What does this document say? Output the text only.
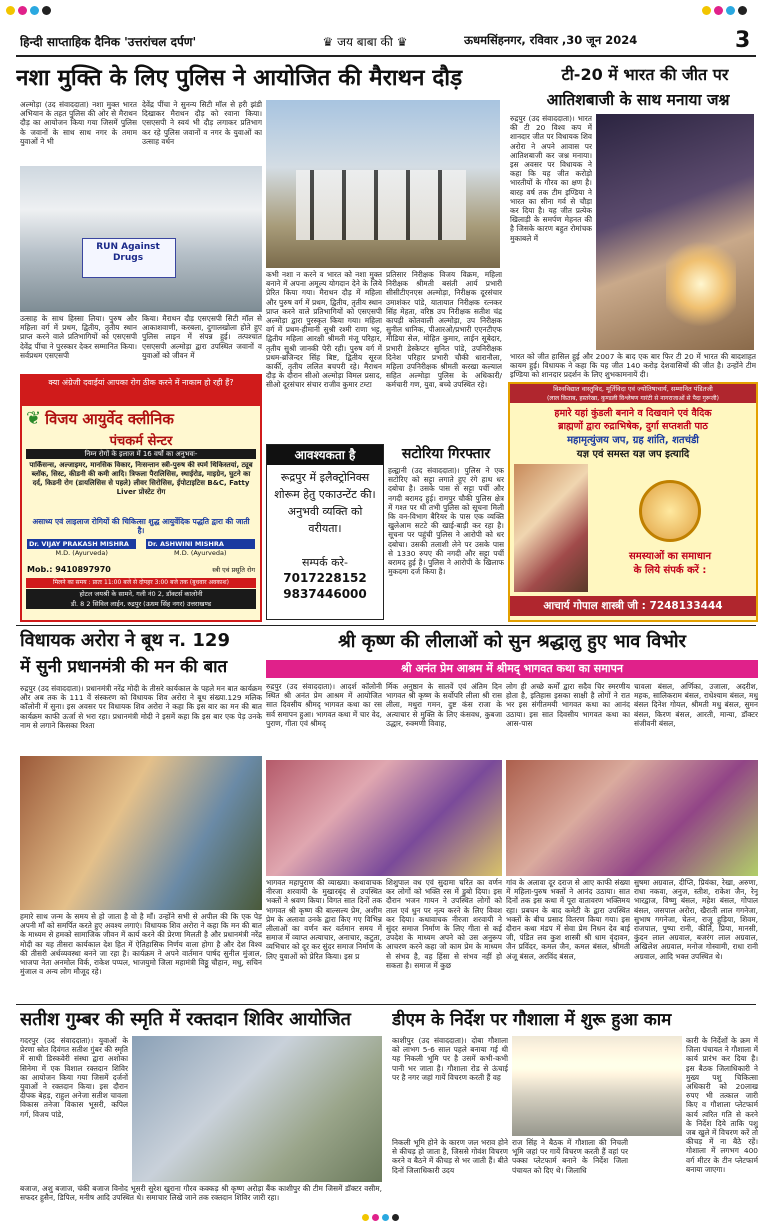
हिन्दी साप्ताहिक दैनिक 'उत्तरांचल दर्पण'	♛ जय बाबा की ♛	ऊधमसिंहनगर, रविवार ,30 जून 2024	3
नशा मुक्ति के लिए पुलिस ने आयोजित की मैराथन दौड़
अल्मोड़ा (उद संवाददाता) नशा मुक्त भारत अभियान के तहत पुलिस की ओर से मैराथन दौड़ का आयोजन किया गया जिसमें पुलिस के जवानों के साथ साथ नगर के तमाम युवाओं ने भी
देवेंद्र पींचा ने सुनन्य सिटी मॉल से हरी झंडी दिखाकर मैराथन दौड़ को रवाना किया। एसएसपी ने स्वयं भी दौड़ लगाकर प्रतिभाग कर रहे पुलिस जवानों व नगर के युवाओं का उत्साह वर्धन
RUN Against Drugs
उत्साह के साथ हिस्सा लिया। पुरुष और महिला वर्ग में प्रथम, द्वितीय, तृतीय स्थान प्राप्त करने वाले प्रतिभागियों को एसएसपी देवेंद्र पींचा ने पुरस्कार देकर सम्मानित किया। सर्वप्रथम एसएसपी
किया। मैराथन दौड़ एसएसपी सिटी मॉल से आकाशवाणी, करबला, दुगालखोला होते हुए पुलिस लाइन में संपन्न हुई। तत्पश्चात एसएसपी अल्मोड़ा द्वारा उपस्थित जवानों व युवाओं को जीवन में
कभी नशा न करने व भारत को नशा मुक्त बनाने में अपना अमूल्य योगदान देने के लिये प्रेरित किया गया। मैराथन दौड़ में महिला और पुरुष वर्ग में प्रथम, द्वितीय, तृतीय स्थान प्राप्त करने वाले प्रतिभागियों को एसएसपी अल्मोड़ा द्वारा पुरस्कृत किया गया। महिला वर्ग में प्रथम-हीमानी सुश्री रश्मी राणा भट्ट, द्वितीय महिला आरक्षी श्रीमती मंजू परिहार, तृतीय सुश्री जानकी पेरी रही। पुरुष वर्ग में प्रथम-ब्रजिन्दर सिंह बिष्ट, द्वितीय सूरज कार्की, तृतीय ललित बचपरी रहे। मैराथन दौड़ के दौरान सीओ अल्मोड़ा विमल प्रसाद, सीओ दूरसंचार संचार राजीव कुमार टम्टा
प्रतिसार निरीक्षक विजय विक्रम, महिला निरीक्षक श्रीमती बसंती आर्य प्रभारी सीसीटीएनएस अल्मोड़ा, निरीक्षक दूरसंचार उमाशंकर पांडे, यातायात निरीक्षक रत्नकर सिंह मेहता, वरिष्ठ उप निरीक्षक सतीश चंद्र कापड़ी कोतवाली अल्मोड़ा, उप निरीक्षक सुनील धानिक, पीआरओ/प्रभारी एएनटीएफ मीडिया सेल, मोहित कुमार, लाईन सूबेदार, प्रभारी डेस्केप्टर सुनित पांडे, उपनिरीक्षक दिनेश परिहार प्रभारी चौकी धारानौला, महिला उपनिरीक्षक श्रीमती करखा कल्याल सहित अल्मोड़ा पुलिस के अधिकारी/कर्मचारी गण, युवा, बच्चे उपस्थित रहे।
टी-20 में भारत की जीत पर
आतिशबाजी के साथ मनाया जश्न
रुद्रपुर (उद संवाददाता)। भारत की टी 20 विश्व कप में शानदार जीत पर विधायक शिव अरोरा ने अपने आवास पर आतिशबाजी कर जश्न मनाया। इस अवसर पर विधायक ने कहा कि यह जीत करोड़ो भारतीयों के गौरव का क्षण है। बारह वर्ष तक टीम इण्डिया ने भारत का सीना गर्व से चौड़ा कर दिया है। यह जीत प्रत्येक खिलाड़ी के समर्पण मेहनत की है जिसके कारण बहुत रोमांचक मुकाबले में
भारत को जीत हासिल हुई और 2007 के बाद एक बार फिर टी 20 में भारत की बादशाहत कायम हुई। विधायक ने कहा कि यह जीत 140 करोड़ देशवासियों की जीत है। उन्होंने टीम इण्डिया को शानदार प्रदर्शन के लिए शुभकामनायें दी।
क्या अंग्रेजी दवाईयां आपका रोग ठीक करने में नाकाम हो रही हैं?
❦ विजय आयुर्वेद क्लीनिक
पंचकर्म सेन्टर
निम्न रोगों के इलाज में 16 वर्षो का अनुभवः-
पार्किंसन्स, अल्जाइमर, मानसिक विकार, निःसन्तान स्त्री-पुरुष की स्पर्म थिकिस्तयां, ट्यूब ब्लॉक, सिस्ट, कीडनी की कमी आदि। त्रिफला पैरालिसिस, स्थाईरोड, माइग्रेन, घुटने का दर्द, किडनी रोग (डायलिसिस से पहले) लीवर सिरोसिस, ईपोटाइटिस B&C, Fatty Liver प्रोस्टेट रोग
असाध्य एवं लाइलाज रोगियों की चिकित्सा शुद्ध आयुर्वेदिक पद्धति द्वारा की जाती है।
Dr. VIJAY PRAKASH MISHRA
M.D. (Ayurveda)
Dr. ASHWINI MISHRA
M.D. (Ayurveda)
Mob.: 9410897970	स्त्री एवं प्रसूति रोग
मिलने का समय : प्रातः 11:00 बजे से दोपहर 3:00 बजे तक (बुधवार अवकाश)
होटल जयश्री के सामने, गली नं0 2, डॉक्टर्स कालोनी
डी. 8 2 सिविल लाईन, रुद्रपुर (ऊधम सिंह नगर) उत्तराखण्ड
आवश्यकता है
रूद्रपुर में इलैक्ट्रोनिक्स शोरूम हेतु एकाउन्टेंट की। अनुभवी व्यक्ति को वरीयता।
सम्पर्क करे-
7017228152
9837446000
सटोरिया गिरफ्तार
हल्द्वानी (उद संवाददाता)। पुलिस ने एक सटोरिए को सट्टा लगाते हुए रंगे हाथ धर दबोचा है। उसके पास से सट्टा पर्ची और नगदी बरामद हुई। रामपुर चौकी पुलिस क्षेत्र में गश्त पर थी तभी पुलिस को सूचना मिली कि वन-विभाग बैरियर के पास एक व्यक्ति खुलेआम सटटे की खाई-बाड़ी कर रहा है। सूचना पर पहुंची पुलिस ने आरोपी को धर दबोचा। उसकी तलाशी लेने पर उसके पास से 1330 रुपए की नगदी और सट्टा पर्ची बरामद हुई है। पुलिस ने आरोपी के खिलाफ मुकदमा दर्ज किया है।
विश्वविद्यात वास्तुविद, मूर्तिविदा एवं ज्योतिषाचार्य, सम्मानित पंडितजी
(लाल किताब, हस्तरेखा, कुण्डली विश्लेषण गारंटी से नागराजाओं से पैदा गुरूजी)
हमारे यहां कुंडली बनाने व दिखवाने एवं वैदिक
ब्राह्मणों द्वारा रुद्राभिषेक, दुर्गा सप्तशती पाठ
महामृत्युंजय जप, ग्रह शांति, शतचंडी
यज्ञ एवं समस्त यज्ञ जप इत्यादि
समस्याओं का समाधान
के लिये संपर्क करें :
आचार्य गोपाल शास्त्री जी : 7248133444
विधायक अरोरा ने बूथ न. 129
में सुनी प्रधानमंत्री की मन की बात
रुद्रपुर (उद संवाददाता)। प्रधानमंत्री नरेंद्र मोदी के तीसरे कार्यकाल के पहले मन बात कार्यक्रम और अब तक के 111 वें संस्करण को विधायक शिव अरोरा ने बूथ संख्या.129 मलिक कॉलोनी में सुना। इस अवसर पर विधायक शिव अरोरा ने कहा कि इस बार का मन की बात कार्यक्रम काफी ऊर्जा से भरा रहा। प्रधानमंत्री मोदी ने इसमें कहा कि इस बार एक पेड़ उनके नाम से लगाने किसका रिश्ता
हमारे साथ जन्म के समय से हो जाता है वो है माँ। उन्होंने सभी से अपील की कि एक पेड़ अपनी माँ को समर्पित करते हुए अवश्य लगाएं। विधायक शिव अरोरा ने कहा कि मन की बात के माध्यम से हमको सामाजिक जीवन में कार्य करने की प्रेरणा मिलती है और प्रधानमंत्री नरेंद्र मोदी का यह तीसरा कार्यकाल देश हित में ऐतिहासिक निर्णय वाला होगा है और देश विश्व की तीसरी अर्थव्यवस्था बनने जा रहा है। कार्यक्रम ने अपने वार्तमान पार्षद सुनील मुंजाल, भाजपा नेता अनमोल विर्क, राकेश पप्पल, भाजयुमो जिला महामंत्री विठ्ठू चौहान, मधु, सचिन मुंजाल व अन्य लोग मौजूद रहे।
श्री कृष्ण की लीलाओं को सुन श्रद्धालु हुए भाव विभोर
श्री अनंत प्रेम आश्रम में श्रीमद् भागवत कथा का समापन
रुद्रपुर (उद संवाददाता)। आदर्श कॉलोनी स्थित श्री अनंत प्रेम आश्रम में आयोजित सात दिवसीय श्रीमद् भागवत कथा का रस सर्व समापन हुआ। भागवत कथा में चार वेद, पुराण, गीता एवं श्रीमद्
र्मिक अनुष्ठान के सातवें एवं अंतिम दिन भागवत श्री कृष्ण के सर्वोपरि लीला श्री रास लीला, मथुरा गमन, दुष्ट कंस राजा के अत्याचार से मुक्ति के लिए कंसवध, कुबजा उद्धार, रुक्मणी विवाह,
लोग ही अच्छे कर्मों द्वारा सदैव चिर स्मरणीय होता है, इतिहास इसका साक्षी है लोगों ने रात भर इस संगीतमयी भागवत कथा का आनंद उठाया। इस सात दिवसीय भागवत कथा का आस-पास
चावला बंसल, अर्णिका, उजाला, अदरीश, महक, सालिकराम बंसल, राधेश्याम बंसल, मधु बंसल दिनेश गोयल, श्रीमती मधु बंसल, सुमन बंसल, किरण बंसल, आरती, मान्या, डॉक्टर संजीवनी बंसल,
भागवत महापुराण की व्याख्या। कथावाचक नीरजा शरवायी के मुखारबृंद से उपस्थित भक्तों ने श्रवण किया। विगत सात दिनों तक भागवत श्री कृष्ण की बाल्सल्य प्रेम, अशीम प्रेम के अलावा उनके द्वारा किए गए विभिन्न लीलाओं का वर्णन कर वर्तमान समय में समाज में व्याप्त अत्याचार, अनाचार, कटुता, व्यभिचार को दूर कर सुंदर समाज निर्माण के लिए युवाओं को प्रेरित किया। इस प्र
शिशुपाल वध एवं सुदामा चरित का वर्णन कर लोगों को भक्ति रस में डुबो दिया। इस दौरान भजन गायन ने उपस्थित लोगों को ताल एवं धुन पर नृत्य करने के लिए विवश कर दिया। कथावाचक नीरजा शरवायी ने सुंदर समाज निर्माण के लिए गीता से कई उपदेश के माध्यम अपने को उस अनुरूप आचरण करने कहा जो काम प्रेम के माध्यम से संभव है, वह हिंसा से संभव नहीं हो सकता है। समाज में कुछ
गांव के अलावा दूर दराज से आए काफी संख्या में महिला-पुरुष भक्तों ने आनंद उठाया। सात दिनों तक इस कथा में पूरा वातावरण भक्तिमय रहा। प्रबचन के बाद कमेटी के द्वारा उपस्थित भक्तों के बीच प्रसाद वितरण किया गया। इस दौरान कथा मंडप में सेवा प्रेम निधन देव बाई जी, पंडित लव कुश शास्त्री श्री धाम वृंदावन, जैन प्रविंदर, कमल जैन, कमल बंसल, श्रीमती अंजू बंसल, अरविंद बंसल,
सुषमा अग्रवाल, दीप्ति, प्रियंका, रेखा, अरुणा, राधा नकवा, अनुज, स्तीश, राकेश जैन, रेनू भारद्वाज, विष्णु बंसल, महेश बंसल, गोपाल बंसल, जसपाल अरोरा, खैराती लाल गगनेजा, सुभाष गगनेजा, चेतन, राजू हुड़िया, शिवम, राजपाल, पुष्पा रानी, कीर्ति, प्रिया, मानसी, कुंदन लाल अग्रवाल, बजरंग लाल अग्रवाल, अखिलेश अग्रवाल, मनोज गोस्वामी, राधा रानी अग्रवाल, आदि भक्त उपस्थित थे।
सतीश गुम्बर की स्मृति में रक्तदान शिविर आयोजित
गदरपुर (उद संवाददाता)। युवाओं के प्रेरणा स्रोत दिवंगत सतीश गुंबर की स्मृति में साथी डिस्कवेरी संस्था द्वारा अशोका सिनेमा में एक विशाल रक्तदान शिविर का आयोजन किया गया जिसमें दर्जनों युवाओं ने रक्तदान किया। इस दौरान दीपक बेहड़, राहुल अनेजा सतीश चावला विकास तनेजा विकास भूसरी, कपिल गर्ग, विजय पांडे,
बजाज, अशु बजाज, चंकी बजाज विनोद भूसरी सुरेश खुराना गौरव कक्कड़ श्री कृष्ण अरोड़ा बैंक काशीपुर की टीम जिसमें डॉक्टर वसीम, सफदर हुसैन, डिपिल, मनीष आदि उपस्थित थे। समाचार लिखे जाने तक रक्तदान शिविर जारी रहा।
डीएम के निर्देश पर गौशाला में शुरू हुआ काम
काशीपुर (उद संवाददाता)। दोबा गौशाला को लाभग 5-6 साल पहले बनाया गई थी यह निकली भूमि पर है उसमें कभी-कभी पानी भर जाता है। गौशाला रोड से ऊंचाई पर है नगर जहां गायें विचरण करती हैं वह
निकली भूमि होने के कारण जल भराव होने से कीचड़ हो जाता है, जिससे गोवंश विचरण करने व बैठने में कीचड़ से भर जाती हैं। बीते दिनों जिलाधिकारी उदय
राज सिंह ने बैठक में गौशाला की निचली भूमि जहां पर गायें विचरण करती हैं वहां पर पक्का प्लेटफार्म बनाने के निर्देश जिला पंचायत को दिए थे। जिलाधि
कारी के निर्देशों के क्रम में जिला पंचायत ने गौशाला में कार्य प्रारंभ कर दिया है। इस बैठक जिलाधिकारी ने मुख्य पशु चिकित्सा अधिकारी को 20लाख रुपए भी तत्काल जारी किए व गौशाला प्लेटफार्म कार्य त्वरित गति से करने के निर्देश दिये ताकि पशु जब खुले में विचरण करें तो कीचड़ में ना बैठे रहें। गोशाला में लगभग 400 वर्ग मीटर के टीन प्लेटफार्म बनाया जाएगा।
